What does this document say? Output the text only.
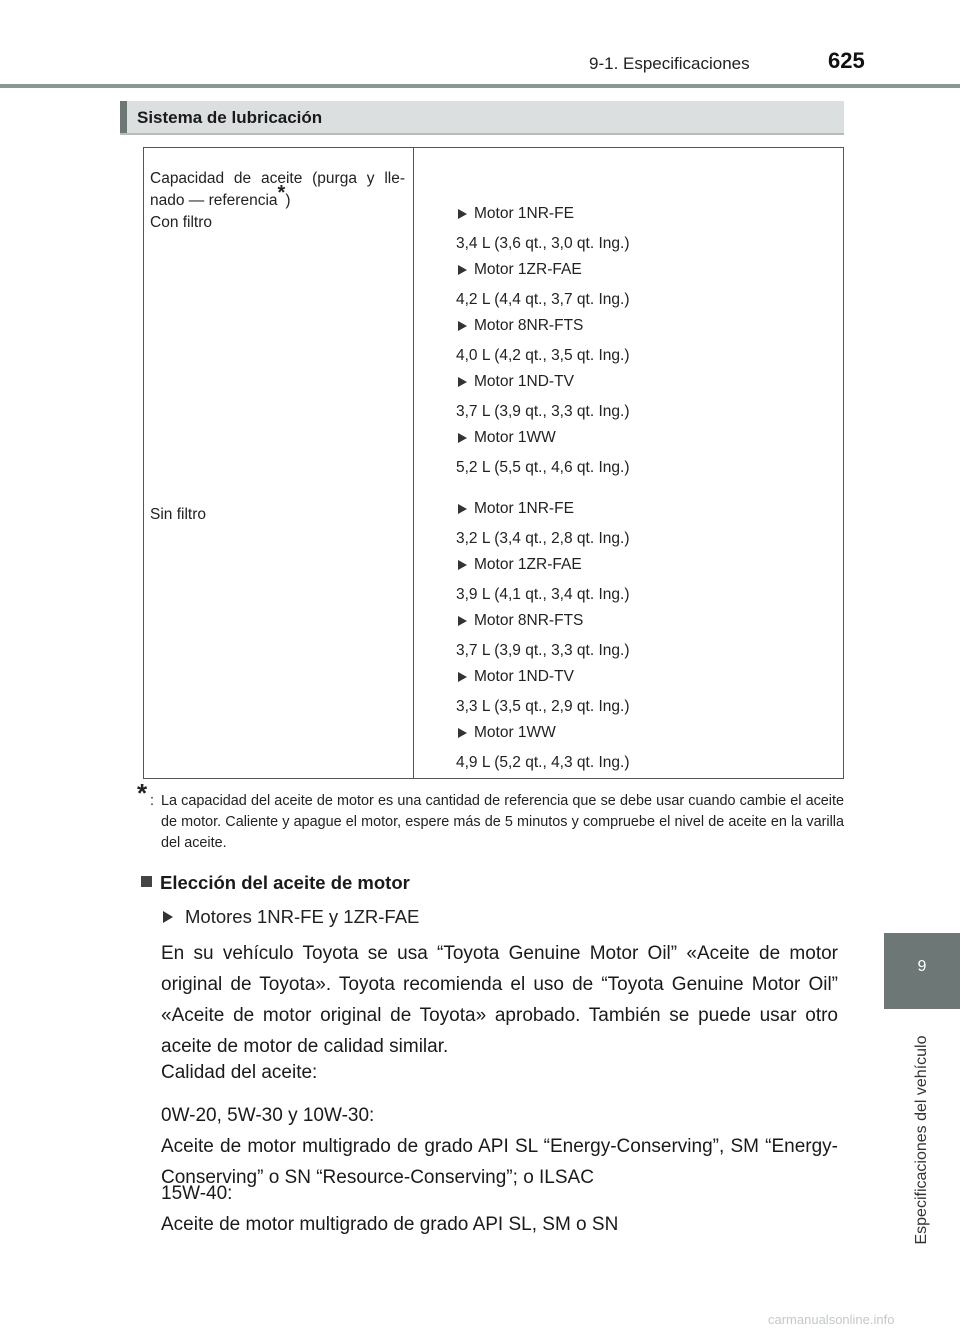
9-1. Especificaciones	625
Sistema de lubricación
Capacidad de aceite (purga y lle-
nado — referencia*)
Con filtro
Sin filtro
Motor 1NR-FE
3,4 L (3,6 qt., 3,0 qt. Ing.)
Motor 1ZR-FAE
4,2 L (4,4 qt., 3,7 qt. Ing.)
Motor 8NR-FTS
4,0 L (4,2 qt., 3,5 qt. Ing.)
Motor 1ND-TV
3,7 L (3,9 qt., 3,3 qt. Ing.)
Motor 1WW
5,2 L (5,5 qt., 4,6 qt. Ing.)
Motor 1NR-FE
3,2 L (3,4 qt., 2,8 qt. Ing.)
Motor 1ZR-FAE
3,9 L (4,1 qt., 3,4 qt. Ing.)
Motor 8NR-FTS
3,7 L (3,9 qt., 3,3 qt. Ing.)
Motor 1ND-TV
3,3 L (3,5 qt., 2,9 qt. Ing.)
Motor 1WW
4,9 L (5,2 qt., 4,3 qt. Ing.)
* : La capacidad del aceite de motor es una cantidad de referencia que se debe usar cuando cambie el aceite de motor. Caliente y apague el motor, espere más de 5 minutos y compruebe el nivel de aceite en la varilla del aceite.
Elección del aceite de motor
Motores 1NR-FE y 1ZR-FAE
En su vehículo Toyota se usa “Toyota Genuine Motor Oil” «Aceite de motor original de Toyota». Toyota recomienda el uso de “Toyota Genuine Motor Oil” «Aceite de motor original de Toyota» aprobado. También se puede usar otro aceite de motor de calidad similar.
Calidad del aceite:
0W-20, 5W-30 y 10W-30:
Aceite de motor multigrado de grado API SL “Energy-Conserving”, SM “Energy-Conserving” o SN “Resource-Conserving”; o ILSAC
15W-40:
Aceite de motor multigrado de grado API SL, SM o SN
9
Especificaciones del vehículo
carmanualsonline.info
